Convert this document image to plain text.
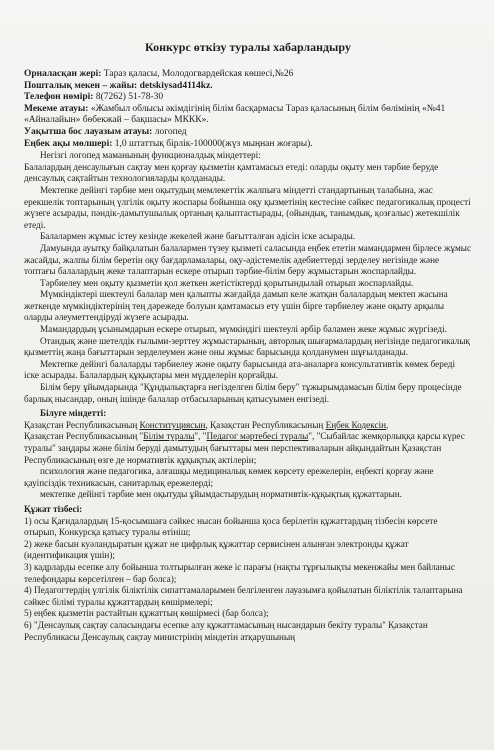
Конкурс өткізу туралы хабарландыру

Орналасқан жері: Тараз қаласы, Молодогвардейская көшесі,№26

Пошталық мекен – жайы: detskiysad4114kz.

Телефон нөмірі: 8(7262) 51-78-30

Мекеме атауы: «Жамбыл облысы әкімдігінің білім басқармасы Тараз қаласының білім бөлімінің «№41 «Айналайын» бөбекжай – бақшасы» МККК».

Уақытша бос лауазым атауы: логопед

Еңбек ақы мөлшері: 1,0 штаттық бірлік-100000(жүз мыңнан жоғары).

Негізгі логопед маманының функционалдық міндеттері:

Балалардың денсаулығын сақтау мен қорғау қызметін қамтамасыз етеді: оларды оқыту мен тәрбие беруде денсаулық сақтайтын технологияларды қолданады.

Мектепке дейінгі тәрбие мен оқытудың мемлекеттік жалпыға міндетті стандартының талабына, жас ерекшелік топтарының үлгілік оқыту жоспары бойынша оқу қызметінің кестесіне сәйкес педагогикалық процесті жүзеге асырады, пәндік-дамытушылық ортаның қалыптастырады, (ойындық, танымдық, қозғалыс) жетекшілік етеді.

Балалармен жұмыс істеу кезінде жекелей және бағытталған әдісін іске асырады.

Дамуында ауытқу байқалатын балалармен түзеу қызметі саласында еңбек ететін мамандармен бірлесе жұмыс жасайды, жалпы білім беретін оқу бағдарламалары, оқу-әдістемелік әдебиеттерді зерделеу негізінде және топтағы балалардың жеке талаптарын ескере отырып тәрбие-білім беру жұмыстарын жоспарлайды.

Тәрбиелеу мен оқыту қызметін қол жеткен жетістіктерді қорытындылай отырып жоспарлайды.

Мүмкіндіктері шектеулі балалар мен қалыпты жағдайда дамып келе жатқан балалардың мектеп жасына жеткенде мүмкіндіктерінің тең дәрежеде болуын қамтамасыз ету үшін бірге тәрбиелеу және оқыту арқылы оларды әлеуметтендіруді жүзеге асырады.

Мамандардың ұсынымдарын ескере отырып, мүмкіндігі шектеулі әрбір баламен жеке жұмыс жүргізеді.

Отандық және шетелдік ғылыми-зерттеу жұмыстарының, авторлық шығармалардың негізінде педагогикалық қызметтің жаңа бағыттарын зерделеумен және оны жұмыс барысында қолданумен шұғылданады.

Мектепке дейінгі балаларды тәрбиелеу және оқыту барысында ата-аналарға консультативтік көмек береді іске асырады. Балалардың құқықтары мен мүдделерін қорғайды.

Білім беру ұйымдарында "Құндылықтарға негізделген білім беру" тұжырымдамасын білім беру процесінде барлық нысандар, оның ішінде балалар отбасыларының қатысуымен енгізеді.

Білуге міндетті:

Қазақстан Республикасының Конституциясын, Қазақстан Республикасының Еңбек Кодексін,

Қазақстан Республикасының "Білім туралы", "Педагог мәртебесі туралы", "Сыбайлас жемқорлыққа қарсы күрес туралы" заңдары және білім беруді дамытудың бағыттары мен перспективаларын айқындайтын Қазақстан Республикасының өзге де нормативтік құқықтық актілерін;

психология және педагогика, алғашқы медициналық көмек көрсету ережелерін, еңбекті қорғау және қауіпсіздік техникасын, санитарлық ережелерді;

мектепке дейінгі тәрбие мен оқытуды ұйымдастырудың нормативтік-құқықтық құжаттарын.

Құжат тізбесі:

1) осы Қағидалардың 15-қосымшаға сәйкес нысан бойынша қоса берілетін құжаттардың тізбесін көрсете отырып, Конкурсқа қатысу туралы өтініш;

2) жеке басын куәландыратын құжат не цифрлық құжаттар сервисінен алынған электронды құжат (идентификация үшін);

3) кадрларды есепке алу бойынша толтырылған жеке іс парағы (нақты тұрғылықты мекенжайы мен байланыс телефондары көрсетілген – бар болса);

4) Педагогтердің үлгілік біліктілік сипаттамаларымен белгіленген лауазымға қойылатын біліктілік талаптарына сәйкес білімі туралы құжаттардың көшірмелері;

5) еңбек қызметін растайтын құжаттың көшірмесі (бар болса);

6) "Денсаулық сақтау саласындағы есепке алу құжаттамасының нысандарын бекіту туралы" Қазақстан Республикасы Денсаулық сақтау министрінің міндетін атқарушының
